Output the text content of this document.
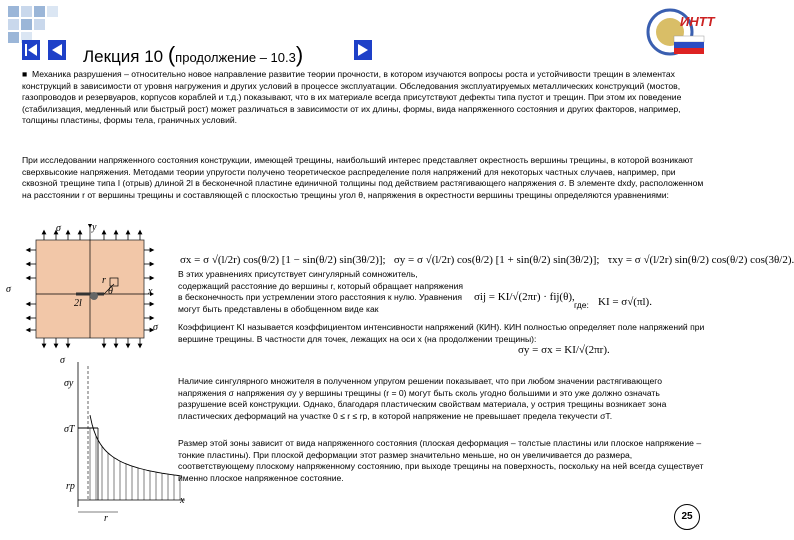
Лекция 10 (продолжение – 10.3)
ИНТТ
■  Механика разрушения – относительно новое направление развитие теории прочности, в котором изучаются вопросы роста и устойчивости трещин в элементах конструкций в зависимости от уровня нагружения и других условий в процессе эксплуатации. Обследования эксплуатируемых металлических конструкций (мостов, газопроводов и резервуаров, корпусов кораблей и т.д.) показывают, что в их материале всегда присутствуют дефекты типа пустот и трещин. При этом их поведение (стабилизация, медленный или быстрый рост) может различаться в зависимости от их длины, формы, вида напряженного состояния и других факторов, например, толщины пластины, формы тела, граничных условий.
При исследовании напряженного состояния конструкции, имеющей трещины, наибольший интерес представляет окрестность вершины трещины, в которой возникают сверхвысокие напряжения. Методами теории упругости получено теоретическое распределение поля напряжений для некоторых частных случаев, например, при сквозной трещине типа I (отрыв) длиной 2l в бесконечной пластине единичной толщины под действием растягивающего напряжения σ. В элементе dxdy, расположенном на расстоянии r от вершины трещины и составляющей с плоскостью трещины угол θ, напряжения в окрестности вершины трещины определяются уравнениями:
σx = σ √(l/2r) cos(θ/2) [1 − sin(θ/2) sin(3θ/2)]; σy = σ √(l/2r) cos(θ/2) [1 + sin(θ/2) sin(3θ/2)]; τxy = σ √(l/2r) sin(θ/2) cos(θ/2) cos(3θ/2).
σ	y
σ	x
r
θ
2l
σ
σ
σy
σT
rp
r
x
В этих уравнениях присутствует сингулярный сомножитель, содержащий расстояние до вершины r, который обращает напряжения в бесконечность при устремлении этого расстояния к нулю. Уравнения могут быть представлены в обобщенном виде как
σij = KI/√(2πr) · fij(θ),
где: KI = σ√(πl).
Коэффициент KI называется коэффициентом интенсивности напряжений (КИН). КИН полностью определяет поле напряжений при вершине трещины. В частности для точек, лежащих на оси x (на продолжении трещины):
σy = σx = KI/√(2πr).
Наличие сингулярного множителя в полученном упругом решении показывает, что при любом значении растягивающего напряжения σ напряжения σy у вершины трещины (r = 0) могут быть сколь угодно большими и это уже должно означать разрушение всей конструкции. Однако, благодаря пластическим свойствам материала, у острия трещины возникает зона пластических деформаций на участке 0 ≤ r ≤ rp, в которой напряжение не превышает предела текучести σT.
Размер этой зоны зависит от вида напряженного состояния (плоская деформация – толстые пластины или плоское напряжение – тонкие пластины). При плоской деформации этот размер значительно меньше, но он увеличивается до размера, соответствующему плоскому напряженному состоянию, при выходе трещины на поверхность, поскольку на ней всегда существует именно плоское напряженное состояние.
25
